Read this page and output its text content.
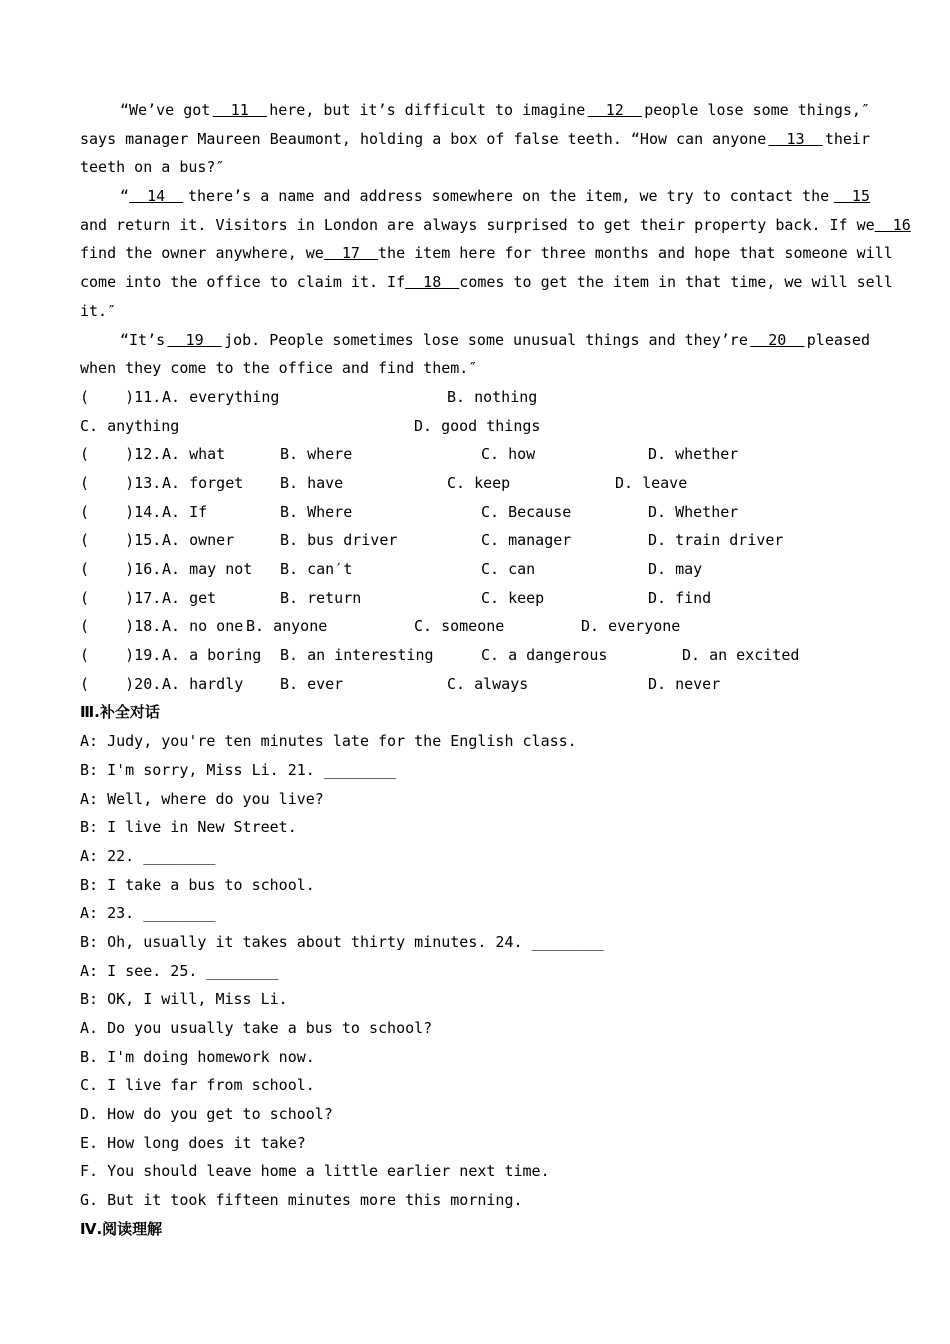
“We’ve got 11 here, but it’s difficult to imagine 12 people lose some things,″
says manager Maureen Beaumont, holding a box of false teeth. “How can anyone 13 their
teeth on a bus?″
“  14 there’s a name and address somewhere on the item, we try to contact the 15
and return it. Visitors in London are always surprised to get their property back. If we 16
find the owner anywhere, we 17 the item here for three months and hope that someone will
come into the office to claim it. If 18 comes to get the item in that time, we will sell
it.″
“It’s 19 job. People sometimes lose some unusual things and they’re 20 pleased
when they come to the office and find them.″
(    )11. A. everything	B. nothing
C. anything	D. good things
(    )12. A. what	B. where	C. how	D. whether
(    )13. A. forget B. have	C. keep	D. leave
(    )14. A. If	B. Where	C. Because	D. Whether
(    )15. A. owner	B. bus driver	C. manager	D. train driver
(    )16. A. may not B. can′t	C. can	D. may
(    )17. A. get	B. return	C. keep	D. find
(    )18. A. no one B. anyone	C. someone	D. everyone
(    )19. A. a boring B. an interesting	C. a dangerous	D. an excited
(    )20. A. hardly B. ever	C. always	D. never
Ⅲ.补全对话
A: Judy, you're ten minutes late for the English class.
B: I'm sorry, Miss Li. 21. ________
A: Well, where do you live?
B: I live in New Street.
A: 22. ________
B: I take a bus to school.
A: 23. ________
B: Oh, usually it takes about thirty minutes. 24. ________
A: I see. 25. ________
B: OK, I will, Miss Li.
A. Do you usually take a bus to school?
B. I'm doing homework now.
C. I live far from school.
D. How do you get to school?
E. How long does it take?
F. You should leave home a little earlier next time.
G. But it took fifteen minutes more this morning.
Ⅳ.阅读理解
